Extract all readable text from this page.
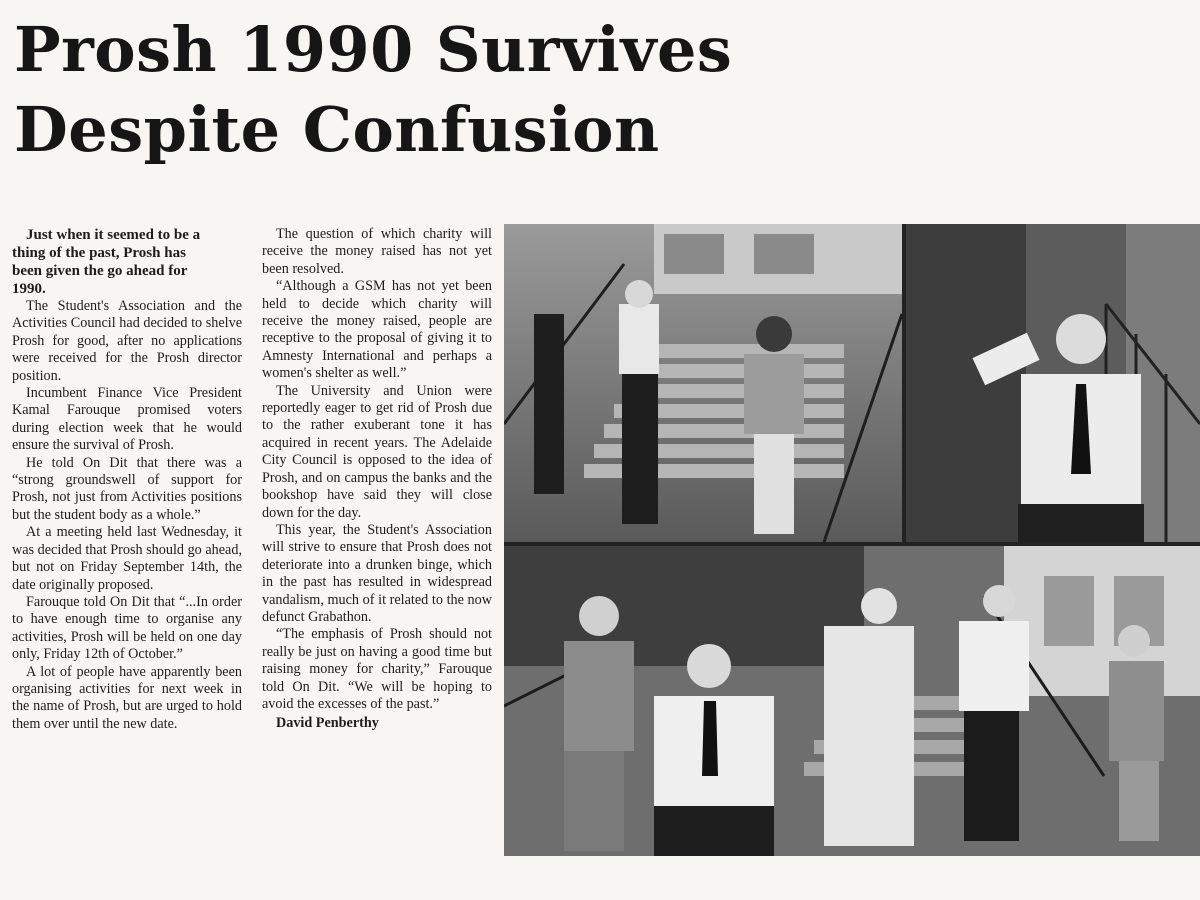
Prosh 1990 Survives
Despite Confusion

Just when it seemed to be a
thing of the past, Prosh has
been given the go ahead for
1990.

The Student's Association and the Activities Council had decided to shelve Prosh for good, after no applications were received for the Prosh director position.

Incumbent Finance Vice President Kamal Farouque promised voters during election week that he would ensure the survival of Prosh.

He told On Dit that there was a “strong groundswell of support for Prosh, not just from Activities positions but the student body as a whole.”

At a meeting held last Wednesday, it was decided that Prosh should go ahead, but not on Friday September 14th, the date originally proposed.

Farouque told On Dit that “...In order to have enough time to organise any activities, Prosh will be held on one day only, Friday 12th of October.”

A lot of people have apparently been organising activities for next week in the name of Prosh, but are urged to hold them over until the new date.

The question of which charity will receive the money raised has not yet been resolved.

“Although a GSM has not yet been held to decide which charity will receive the money raised, people are receptive to the proposal of giving it to Amnesty International and perhaps a women's shelter as well.”

The University and Union were reportedly eager to get rid of Prosh due to the rather exuberant tone it has acquired in recent years. The Adelaide City Council is opposed to the idea of Prosh, and on campus the banks and the bookshop have said they will close down for the day.

This year, the Student's Association will strive to ensure that Prosh does not deteriorate into a drunken binge, which in the past has resulted in widespread vandalism, much of it related to the now defunct Grabathon.

“The emphasis of Prosh should not really be just on having a good time but raising money for charity,” Farouque told On Dit. “We will be hoping to avoid the excesses of the past.”

David Penberthy
